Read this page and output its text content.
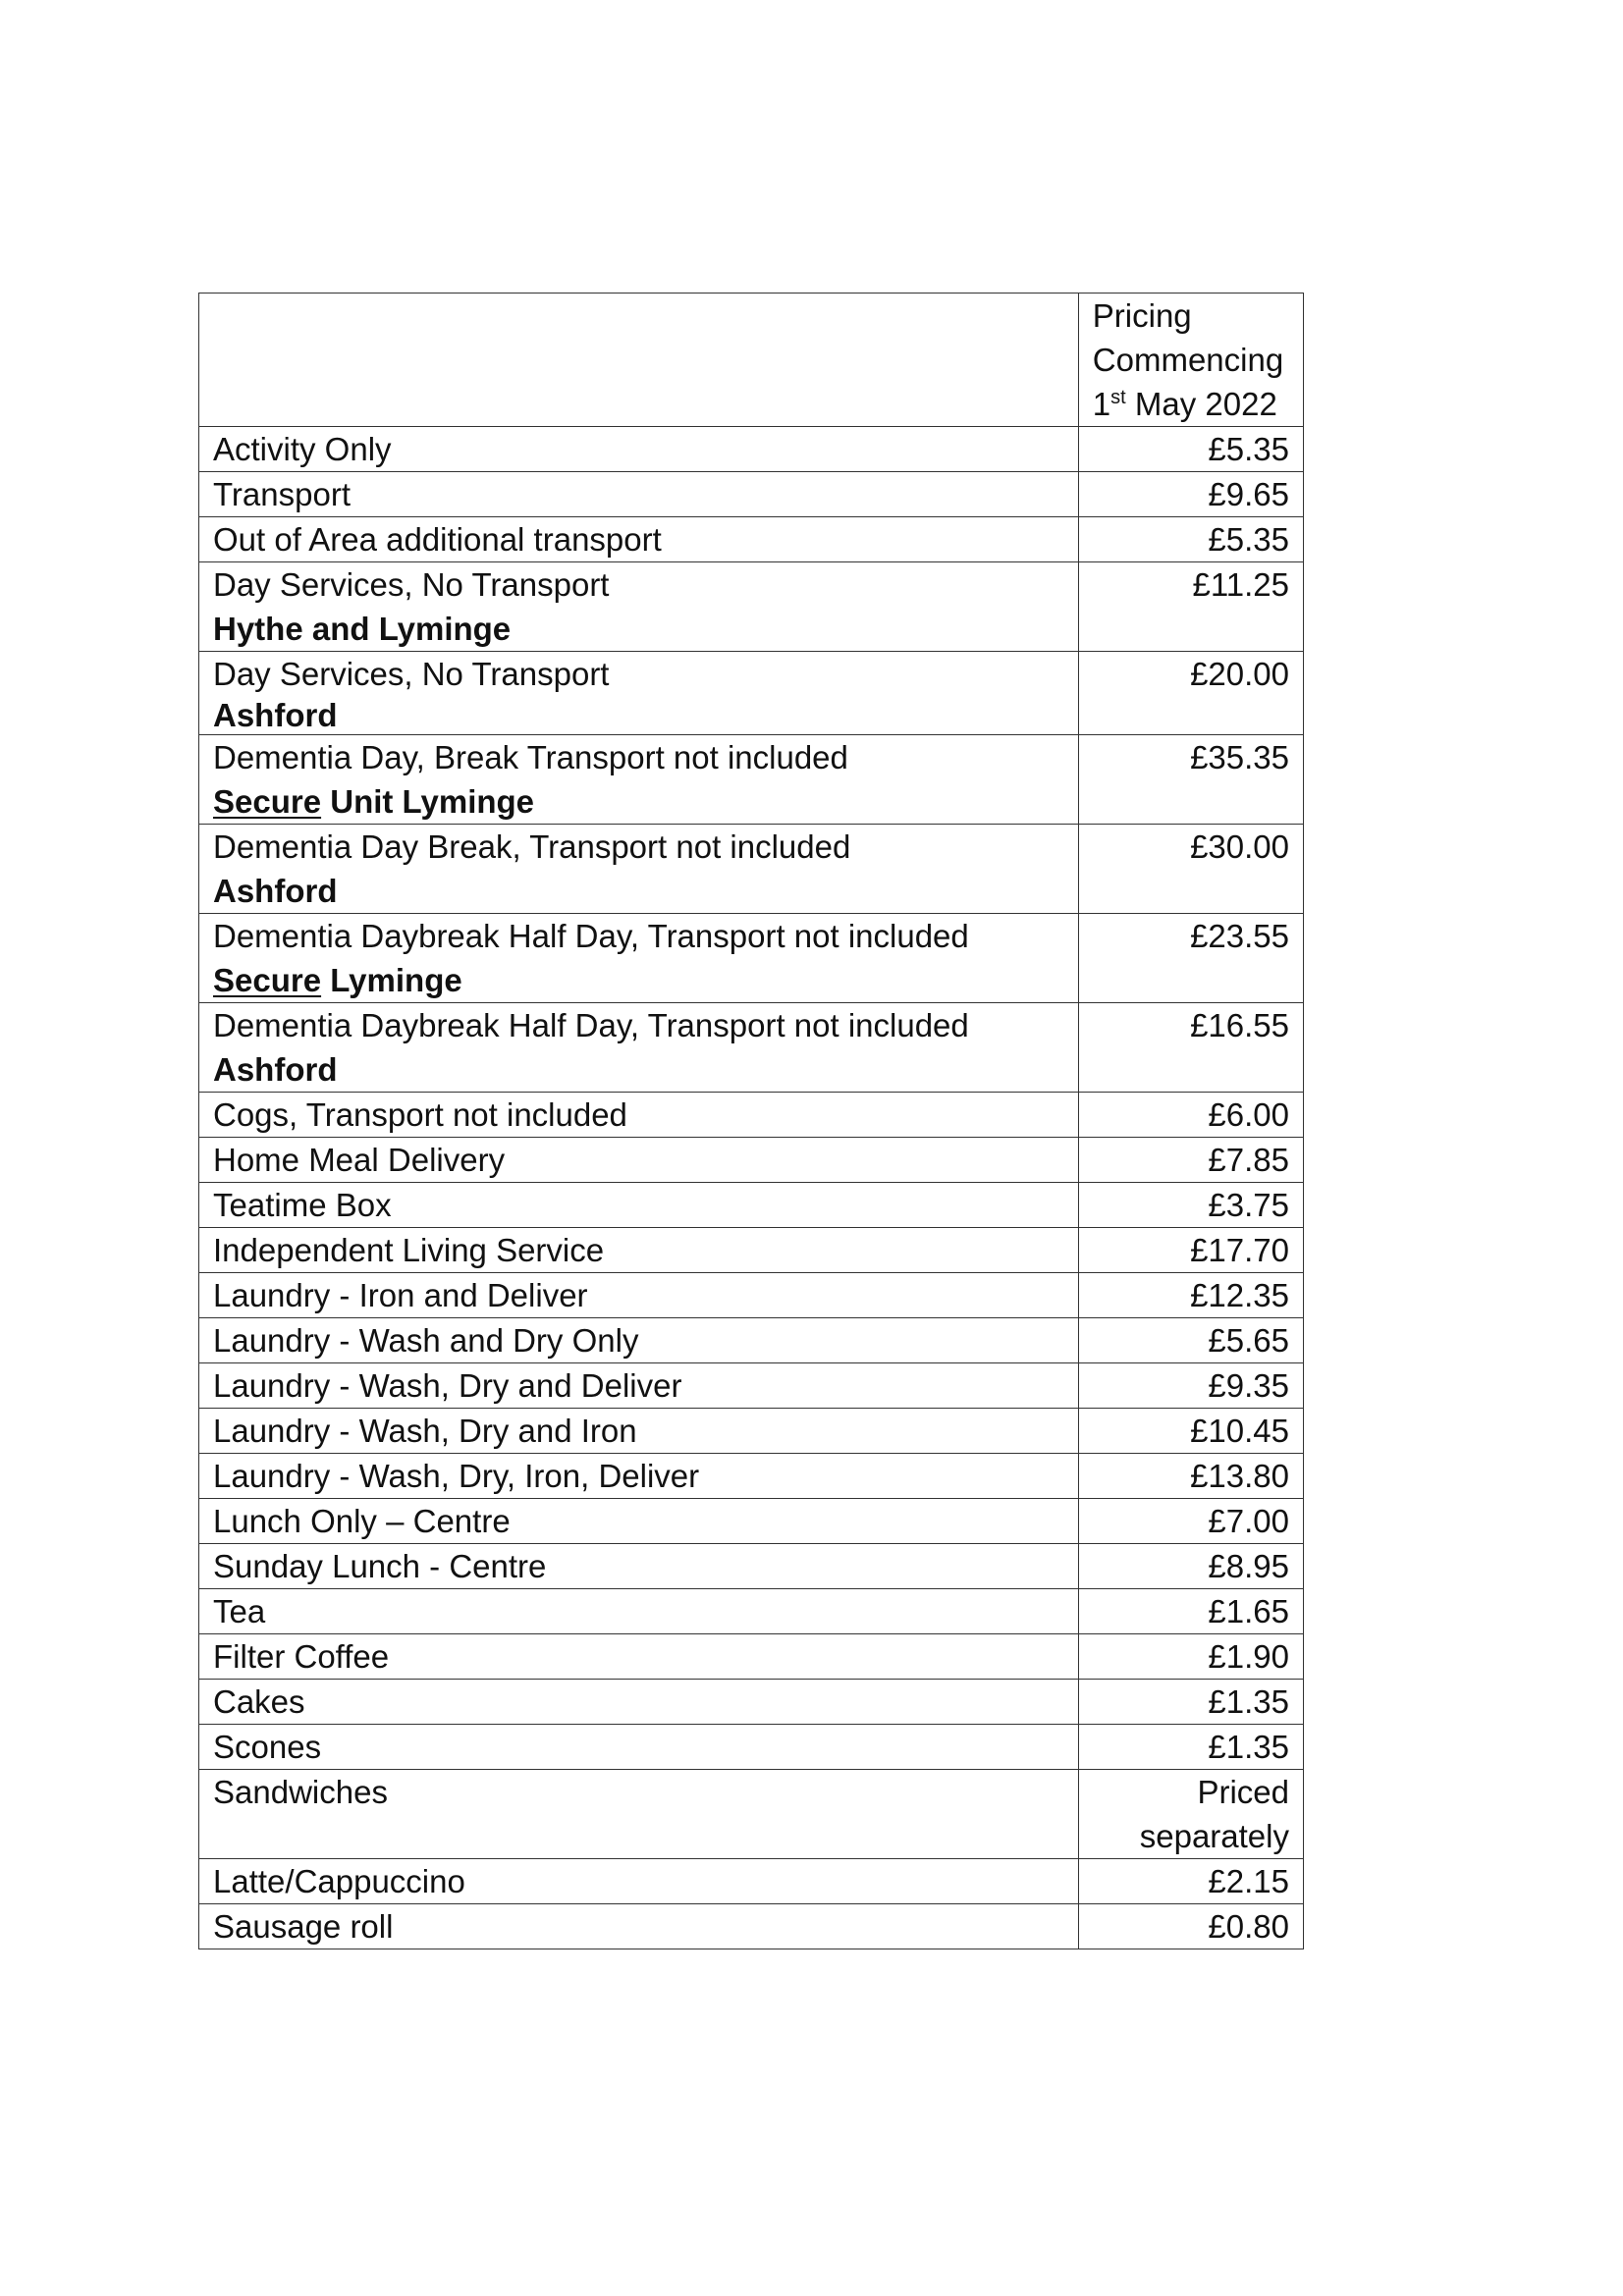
	Pricing
Commencing
1st May 2022
Activity Only	£5.35
Transport	£9.65
Out of Area additional transport	£5.35
Day Services, No Transport
Hythe and Lyminge	£11.25
Day Services, No Transport
Ashford	£20.00
Dementia Day, Break Transport not included
Secure Unit Lyminge	£35.35
Dementia Day Break, Transport not included
Ashford	£30.00
Dementia Daybreak Half Day, Transport not included
Secure Lyminge	£23.55
Dementia Daybreak Half Day, Transport not included
Ashford	£16.55
Cogs, Transport not included	£6.00
Home Meal Delivery	£7.85
Teatime Box	£3.75
Independent Living Service	£17.70
Laundry - Iron and Deliver	£12.35
Laundry - Wash and Dry Only	£5.65
Laundry - Wash, Dry and Deliver	£9.35
Laundry - Wash, Dry and Iron	£10.45
Laundry - Wash, Dry, Iron, Deliver	£13.80
Lunch Only – Centre	£7.00
Sunday Lunch - Centre	£8.95
Tea	£1.65
Filter Coffee	£1.90
Cakes	£1.35
Scones	£1.35
Sandwiches	Priced
separately
Latte/Cappuccino	£2.15
Sausage roll	£0.80
